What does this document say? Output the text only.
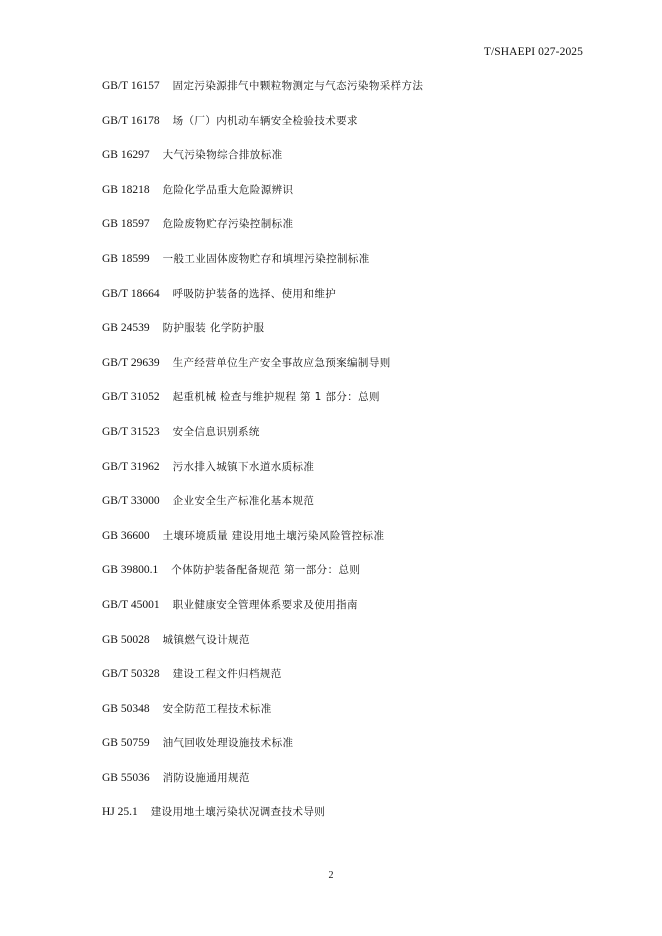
T/SHAEPI 027-2025
GB/T 16157 固定污染源排气中颗粒物测定与气态污染物采样方法
GB/T 16178 场（厂）内机动车辆安全检验技术要求
GB 16297 大气污染物综合排放标准
GB 18218 危险化学品重大危险源辨识
GB 18597 危险废物贮存污染控制标准
GB 18599 一般工业固体废物贮存和填埋污染控制标准
GB/T 18664 呼吸防护装备的选择、使用和维护
GB 24539 防护服装 化学防护服
GB/T 29639 生产经营单位生产安全事故应急预案编制导则
GB/T 31052 起重机械 检查与维护规程 第 1 部分：总则
GB/T 31523 安全信息识别系统
GB/T 31962 污水排入城镇下水道水质标准
GB/T 33000 企业安全生产标准化基本规范
GB 36600 土壤环境质量 建设用地土壤污染风险管控标准
GB 39800.1 个体防护装备配备规范 第一部分：总则
GB/T 45001 职业健康安全管理体系要求及使用指南
GB 50028 城镇燃气设计规范
GB/T 50328 建设工程文件归档规范
GB 50348 安全防范工程技术标准
GB 50759 油气回收处理设施技术标准
GB 55036 消防设施通用规范
HJ 25.1 建设用地土壤污染状况调查技术导则
2
